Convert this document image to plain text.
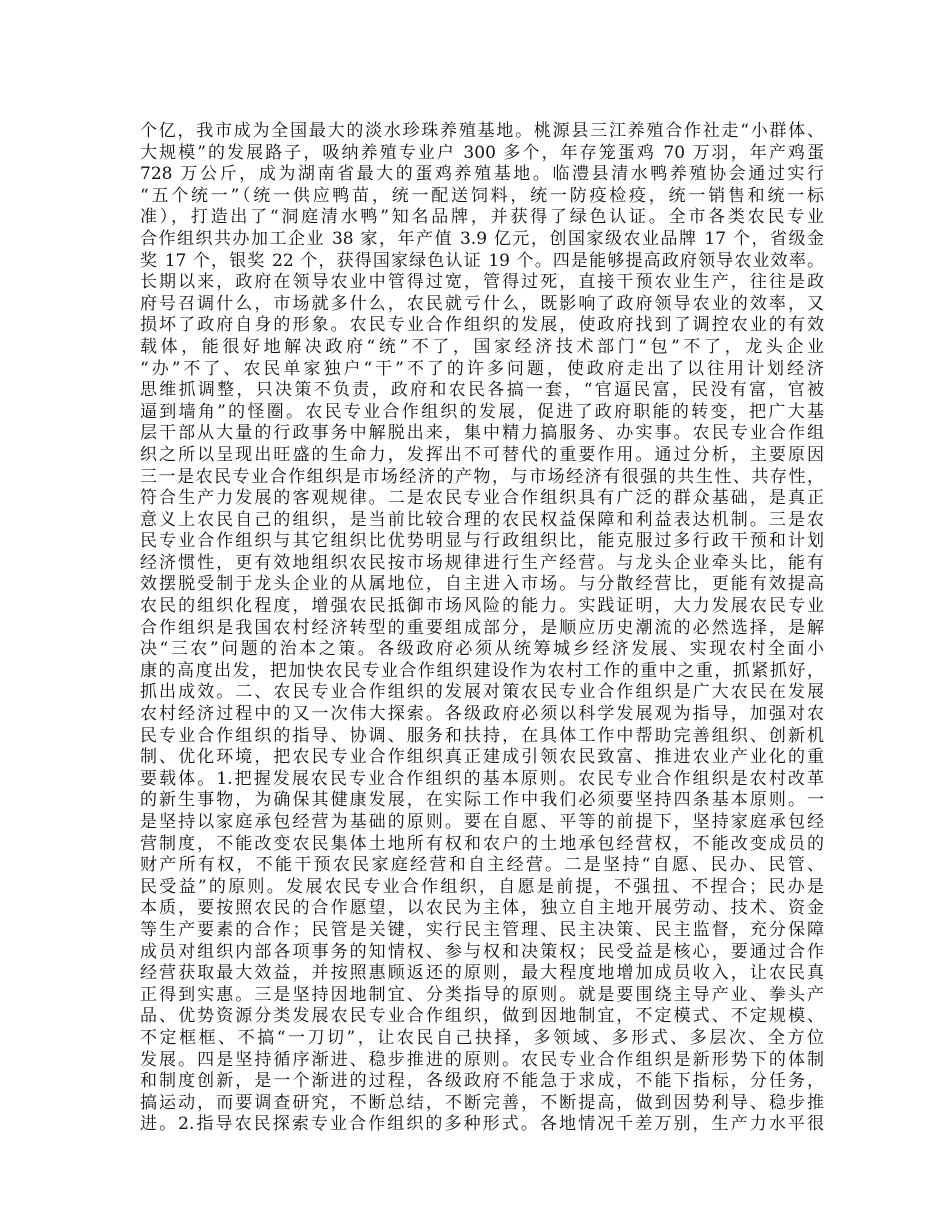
个亿，我市成为全国最大的淡水珍珠养殖基地。桃源县三江养殖合作社走“小群体、
大规模”的发展路子，吸纳养殖专业户 300 多个，年存笼蛋鸡 70 万羽，年产鸡蛋
728 万公斤，成为湖南省最大的蛋鸡养殖基地。临澧县清水鸭养殖协会通过实行
“五个统一”（统一供应鸭苗，统一配送饲料，统一防疫检疫，统一销售和统一标
准），打造出了“洞庭清水鸭”知名品牌，并获得了绿色认证。全市各类农民专业
合作组织共办加工企业 38 家，年产值 3.9 亿元，创国家级农业品牌 17 个，省级金
奖 17 个，银奖 22 个，获得国家绿色认证 19 个。四是能够提高政府领导农业效率。
长期以来，政府在领导农业中管得过宽，管得过死，直接干预农业生产，往往是政
府号召调什么，市场就多什么，农民就亏什么，既影响了政府领导农业的效率，又
损坏了政府自身的形象。农民专业合作组织的发展，使政府找到了调控农业的有效
载体，能很好地解决政府“统”不了，国家经济技术部门“包”不了，龙头企业
“办”不了、农民单家独户“干”不了的许多问题，使政府走出了以往用计划经济
思维抓调整，只决策不负责，政府和农民各搞一套，“官逼民富，民没有富，官被
逼到墙角”的怪圈。农民专业合作组织的发展，促进了政府职能的转变，把广大基
层干部从大量的行政事务中解脱出来，集中精力搞服务、办实事。农民专业合作组
织之所以呈现出旺盛的生命力，发挥出不可替代的重要作用。通过分析，主要原因
三一是农民专业合作组织是市场经济的产物，与市场经济有很强的共生性、共存性，
符合生产力发展的客观规律。二是农民专业合作组织具有广泛的群众基础，是真正
意义上农民自己的组织，是当前比较合理的农民权益保障和利益表达机制。三是农
民专业合作组织与其它组织比优势明显与行政组织比，能克服过多行政干预和计划
经济惯性，更有效地组织农民按市场规律进行生产经营。与龙头企业牵头比，能有
效摆脱受制于龙头企业的从属地位，自主进入市场。与分散经营比，更能有效提高
农民的组织化程度，增强农民抵御市场风险的能力。实践证明，大力发展农民专业
合作组织是我国农村经济转型的重要组成部分，是顺应历史潮流的必然选择，是解
决“三农”问题的治本之策。各级政府必须从统筹城乡经济发展、实现农村全面小
康的高度出发，把加快农民专业合作组织建设作为农村工作的重中之重，抓紧抓好，
抓出成效。二、农民专业合作组织的发展对策农民专业合作组织是广大农民在发展
农村经济过程中的又一次伟大探索。各级政府必须以科学发展观为指导，加强对农
民专业合作组织的指导、协调、服务和扶持，在具体工作中帮助完善组织、创新机
制、优化环境，把农民专业合作组织真正建成引领农民致富、推进农业产业化的重
要载体。1.把握发展农民专业合作组织的基本原则。农民专业合作组织是农村改革
的新生事物，为确保其健康发展，在实际工作中我们必须要坚持四条基本原则。一
是坚持以家庭承包经营为基础的原则。要在自愿、平等的前提下，坚持家庭承包经
营制度，不能改变农民集体土地所有权和农户的土地承包经营权，不能改变成员的
财产所有权，不能干预农民家庭经营和自主经营。二是坚持“自愿、民办、民管、
民受益”的原则。发展农民专业合作组织，自愿是前提，不强扭、不捏合；民办是
本质，要按照农民的合作愿望，以农民为主体，独立自主地开展劳动、技术、资金
等生产要素的合作；民管是关键，实行民主管理、民主决策、民主监督，充分保障
成员对组织内部各项事务的知情权、参与权和决策权；民受益是核心，要通过合作
经营获取最大效益，并按照惠顾返还的原则，最大程度地增加成员收入，让农民真
正得到实惠。三是坚持因地制宜、分类指导的原则。就是要围绕主导产业、拳头产
品、优势资源分类发展农民专业合作组织，做到因地制宜，不定模式、不定规模、
不定框框、不搞“一刀切”，让农民自己抉择，多领域、多形式、多层次、全方位
发展。四是坚持循序渐进、稳步推进的原则。农民专业合作组织是新形势下的体制
和制度创新，是一个渐进的过程，各级政府不能急于求成，不能下指标，分任务，
搞运动，而要调查研究，不断总结，不断完善，不断提高，做到因势利导、稳步推
进。2.指导农民探索专业合作组织的多种形式。各地情况千差万别，生产力水平很
